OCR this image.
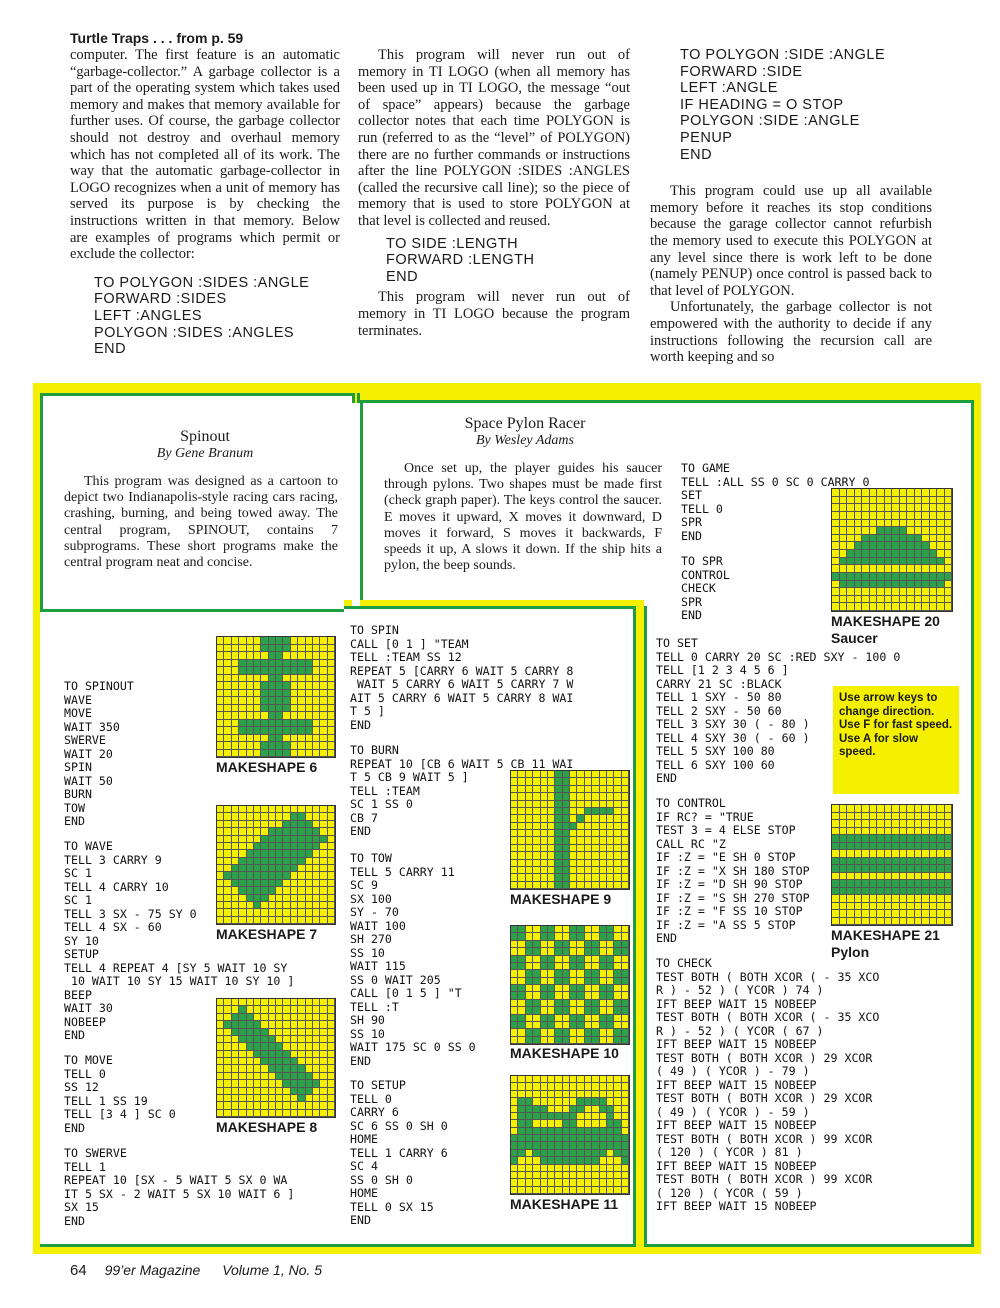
Turtle Traps . . . from p. 59
computer. The first feature is an automatic “garbage-collector.” A garbage collector is a part of the operating system which takes used memory and makes that memory available for further uses. Of course, the garbage collector should not destroy and overhaul memory which has not completed all of its work. The way that the automatic garbage-collector in LOGO recognizes when a unit of memory has served its purpose is by checking the instructions written in that memory. Below are examples of programs which permit or exclude the collector:
TO POLYGON :SIDES :ANGLE
FORWARD :SIDES
LEFT :ANGLES
POLYGON :SIDES :ANGLES
END

This program will never run out of memory in TI LOGO (when all memory has been used up in TI LOGO, the message “out of space” appears) because the garbage collector notes that each time POLYGON is run (referred to as the “level” of POLYGON) there are no further commands or instructions after the line POLYGON :SIDES :ANGLES (called the recursive call line); so the piece of memory that is used to store POLYGON at that level is collected and reused.

TO SIDE :LENGTH
FORWARD :LENGTH
END

This program will never run out of memory in TI LOGO because the program terminates.

TO POLYGON :SIDE :ANGLE
FORWARD :SIDE
LEFT :ANGLE
IF HEADING = O STOP
POLYGON :SIDE :ANGLE
PENUP
END

This program could use up all available memory before it reaches its stop conditions because the garage collector cannot refurbish the memory used to execute this POLYGON at any level since there is work left to be done (namely PENUP) once control is passed back to that level of POLYGON.

Unfortunately, the garbage collector is not empowered with the authority to decide if any instructions following the recursion call are worth keeping and so

Spinout
By Gene Branum

This program was designed as a cartoon to depict two Indianapolis-style racing cars racing, crashing, burning, and being towed away. The central program, SPINOUT, contains 7 subprograms. These short programs make the central program neat and concise.

TO SPINOUT
WAVE
MOVE
WAIT 350
SWERVE
WAIT 20
SPIN
WAIT 50
BURN
TOW
END
TO WAVE
TELL 3 CARRY 9
SC 1
TELL 4 CARRY 10
SC 1
TELL 3 SX - 75 SY 0
TELL 4 SX - 60
SY 10
SETUP
TELL 4 REPEAT 4 [SY 5 WAIT 10 SY
10 WAIT 10 SY 15 WAIT 10 SY 10 ]
BEEP
WAIT 30
NOBEEP
END
TO MOVE
TELL 0
SS 12
TELL 1 SS 19
TELL [3 4 ] SC 0
END
TO SWERVE
TELL 1
REPEAT 10 [SX - 5 WAIT 5 SX 0 WA
IT 5 SX - 2 WAIT 5 SX 10 WAIT 6 ]
SX 15
END
TO SPIN
CALL [0 1 ] "TEAM
TELL :TEAM SS 12
REPEAT 5 [CARRY 6 WAIT 5 CARRY 8
WAIT 5 CARRY 6 WAIT 5 CARRY 7 W
AIT 5 CARRY 6 WAIT 5 CARRY 8 WAI
T 5 ]
END
TO BURN
REPEAT 10 [CB 6 WAIT 5 CB 11 WAI
T 5 CB 9 WAIT 5 ]
TELL :TEAM
SC 1 SS 0
CB 7
END
TO TOW
TELL 5 CARRY 11
SC 9
SX 100
SY - 70
WAIT 100
SH 270
SS 10
WAIT 115
SS 0 WAIT 205
CALL [0 1 5 ] "T
TELL :T
SH 90
SS 10
WAIT 175 SC 0 SS 0
END
TO SETUP
TELL 0
CARRY 6
SC 6 SS 0 SH 0
HOME
TELL 1 CARRY 6
SC 4
SS 0 SH 0
HOME
TELL 0 SX 15
END
MAKESHAPE 6
MAKESHAPE 7
MAKESHAPE 8
MAKESHAPE 9
MAKESHAPE 10
MAKESHAPE 11
Space Pylon Racer
By Wesley Adams

Once set up, the player guides his saucer through pylons. Two shapes must be made first (check graph paper). The keys control the saucer. E moves it upward, X moves it downward, D moves it forward, S moves it backwards, F speeds it up, A slows it down. If the ship hits a pylon, the beep sounds.

TO GAME
TELL :ALL SS 0 SC 0 CARRY 0
SET
TELL 0
SPR
END
TO SPR
CONTROL
CHECK
SPR
END
TO SET
TELL 0 CARRY 20 SC :RED SXY - 100 0
TELL [1 2 3 4 5 6 ]
CARRY 21 SC :BLACK
TELL 1 SXY - 50 80
TELL 2 SXY - 50 60
TELL 3 SXY 30 ( - 80 )
TELL 4 SXY 30 ( - 60 )
TELL 5 SXY 100 80
TELL 6 SXY 100 60
END
TO CONTROL
IF RC? = "TRUE
TEST 3 = 4 ELSE STOP
CALL RC "Z
IF :Z = "E SH 0 STOP
IF :Z = "X SH 180 STOP
IF :Z = "D SH 90 STOP
IF :Z = "S SH 270 STOP
IF :Z = "F SS 10 STOP
IF :Z = "A SS 5 STOP
END
TO CHECK
TEST BOTH ( BOTH XCOR ( - 35 XCO
R ) - 52 ) ( YCOR ) 74 )
IFT BEEP WAIT 15 NOBEEP
TEST BOTH ( BOTH XCOR ( - 35 XCO
R ) - 52 ) ( YCOR ( 67 )
IFT BEEP WAIT 15 NOBEEP
TEST BOTH ( BOTH XCOR ) 29 XCOR
( 49 ) ( YCOR ) - 79 )
IFT BEEP WAIT 15 NOBEEP
TEST BOTH ( BOTH XCOR ) 29 XCOR
( 49 ) ( YCOR ) - 59 )
IFT BEEP WAIT 15 NOBEEP
TEST BOTH ( BOTH XCOR ) 99 XCOR
( 120 ) ( YCOR ) 81 )
IFT BEEP WAIT 15 NOBEEP
TEST BOTH ( BOTH XCOR ) 99 XCOR
( 120 ) ( YCOR ( 59 )
IFT BEEP WAIT 15 NOBEEP
Use arrow keys to change direction. Use F for fast speed. Use A for slow speed.
MAKESHAPE 20
Saucer
MAKESHAPE 21
Pylon
64 99’er Magazine Volume 1, No. 5
